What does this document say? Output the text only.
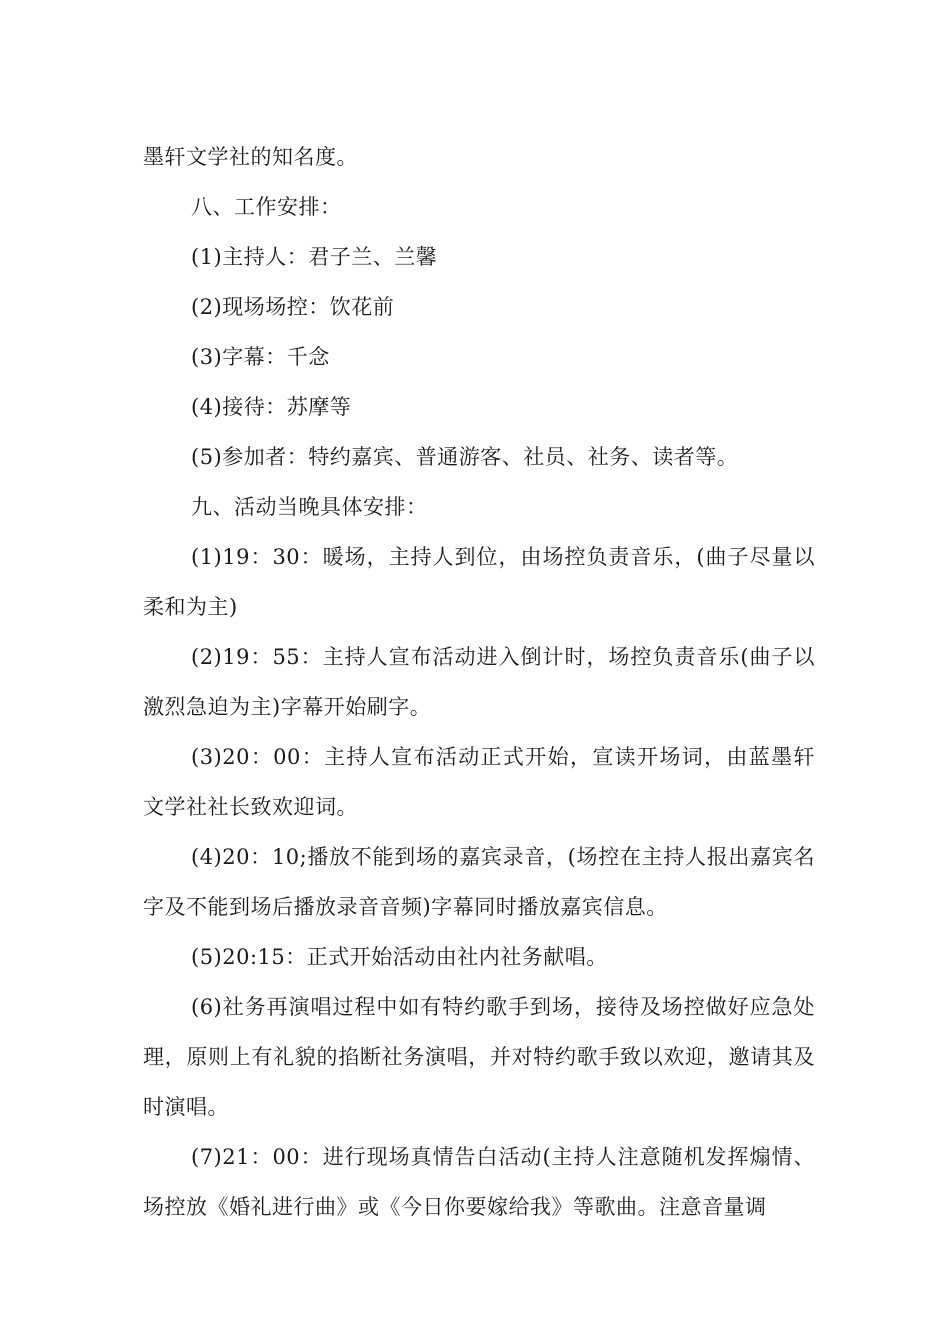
墨轩文学社的知名度。

八、工作安排：

(1)主持人：君子兰、兰馨

(2)现场场控：饮花前

(3)字幕：千念

(4)接待：苏摩等

(5)参加者：特约嘉宾、普通游客、社员、社务、读者等。

九、活动当晚具体安排：

(1)19：30：暖场，主持人到位，由场控负责音乐，(曲子尽量以柔和为主)

(2)19：55：主持人宣布活动进入倒计时，场控负责音乐(曲子以激烈急迫为主)字幕开始刷字。

(3)20：00：主持人宣布活动正式开始，宣读开场词，由蓝墨轩文学社社长致欢迎词。

(4)20：10;播放不能到场的嘉宾录音，(场控在主持人报出嘉宾名字及不能到场后播放录音音频)字幕同时播放嘉宾信息。

(5)20:15：正式开始活动由社内社务献唱。

(6)社务再演唱过程中如有特约歌手到场，接待及场控做好应急处理，原则上有礼貌的掐断社务演唱，并对特约歌手致以欢迎，邀请其及时演唱。

(7)21：00：进行现场真情告白活动(主持人注意随机发挥煽情、场控放《婚礼进行曲》或《今日你要嫁给我》等歌曲。注意音量调
